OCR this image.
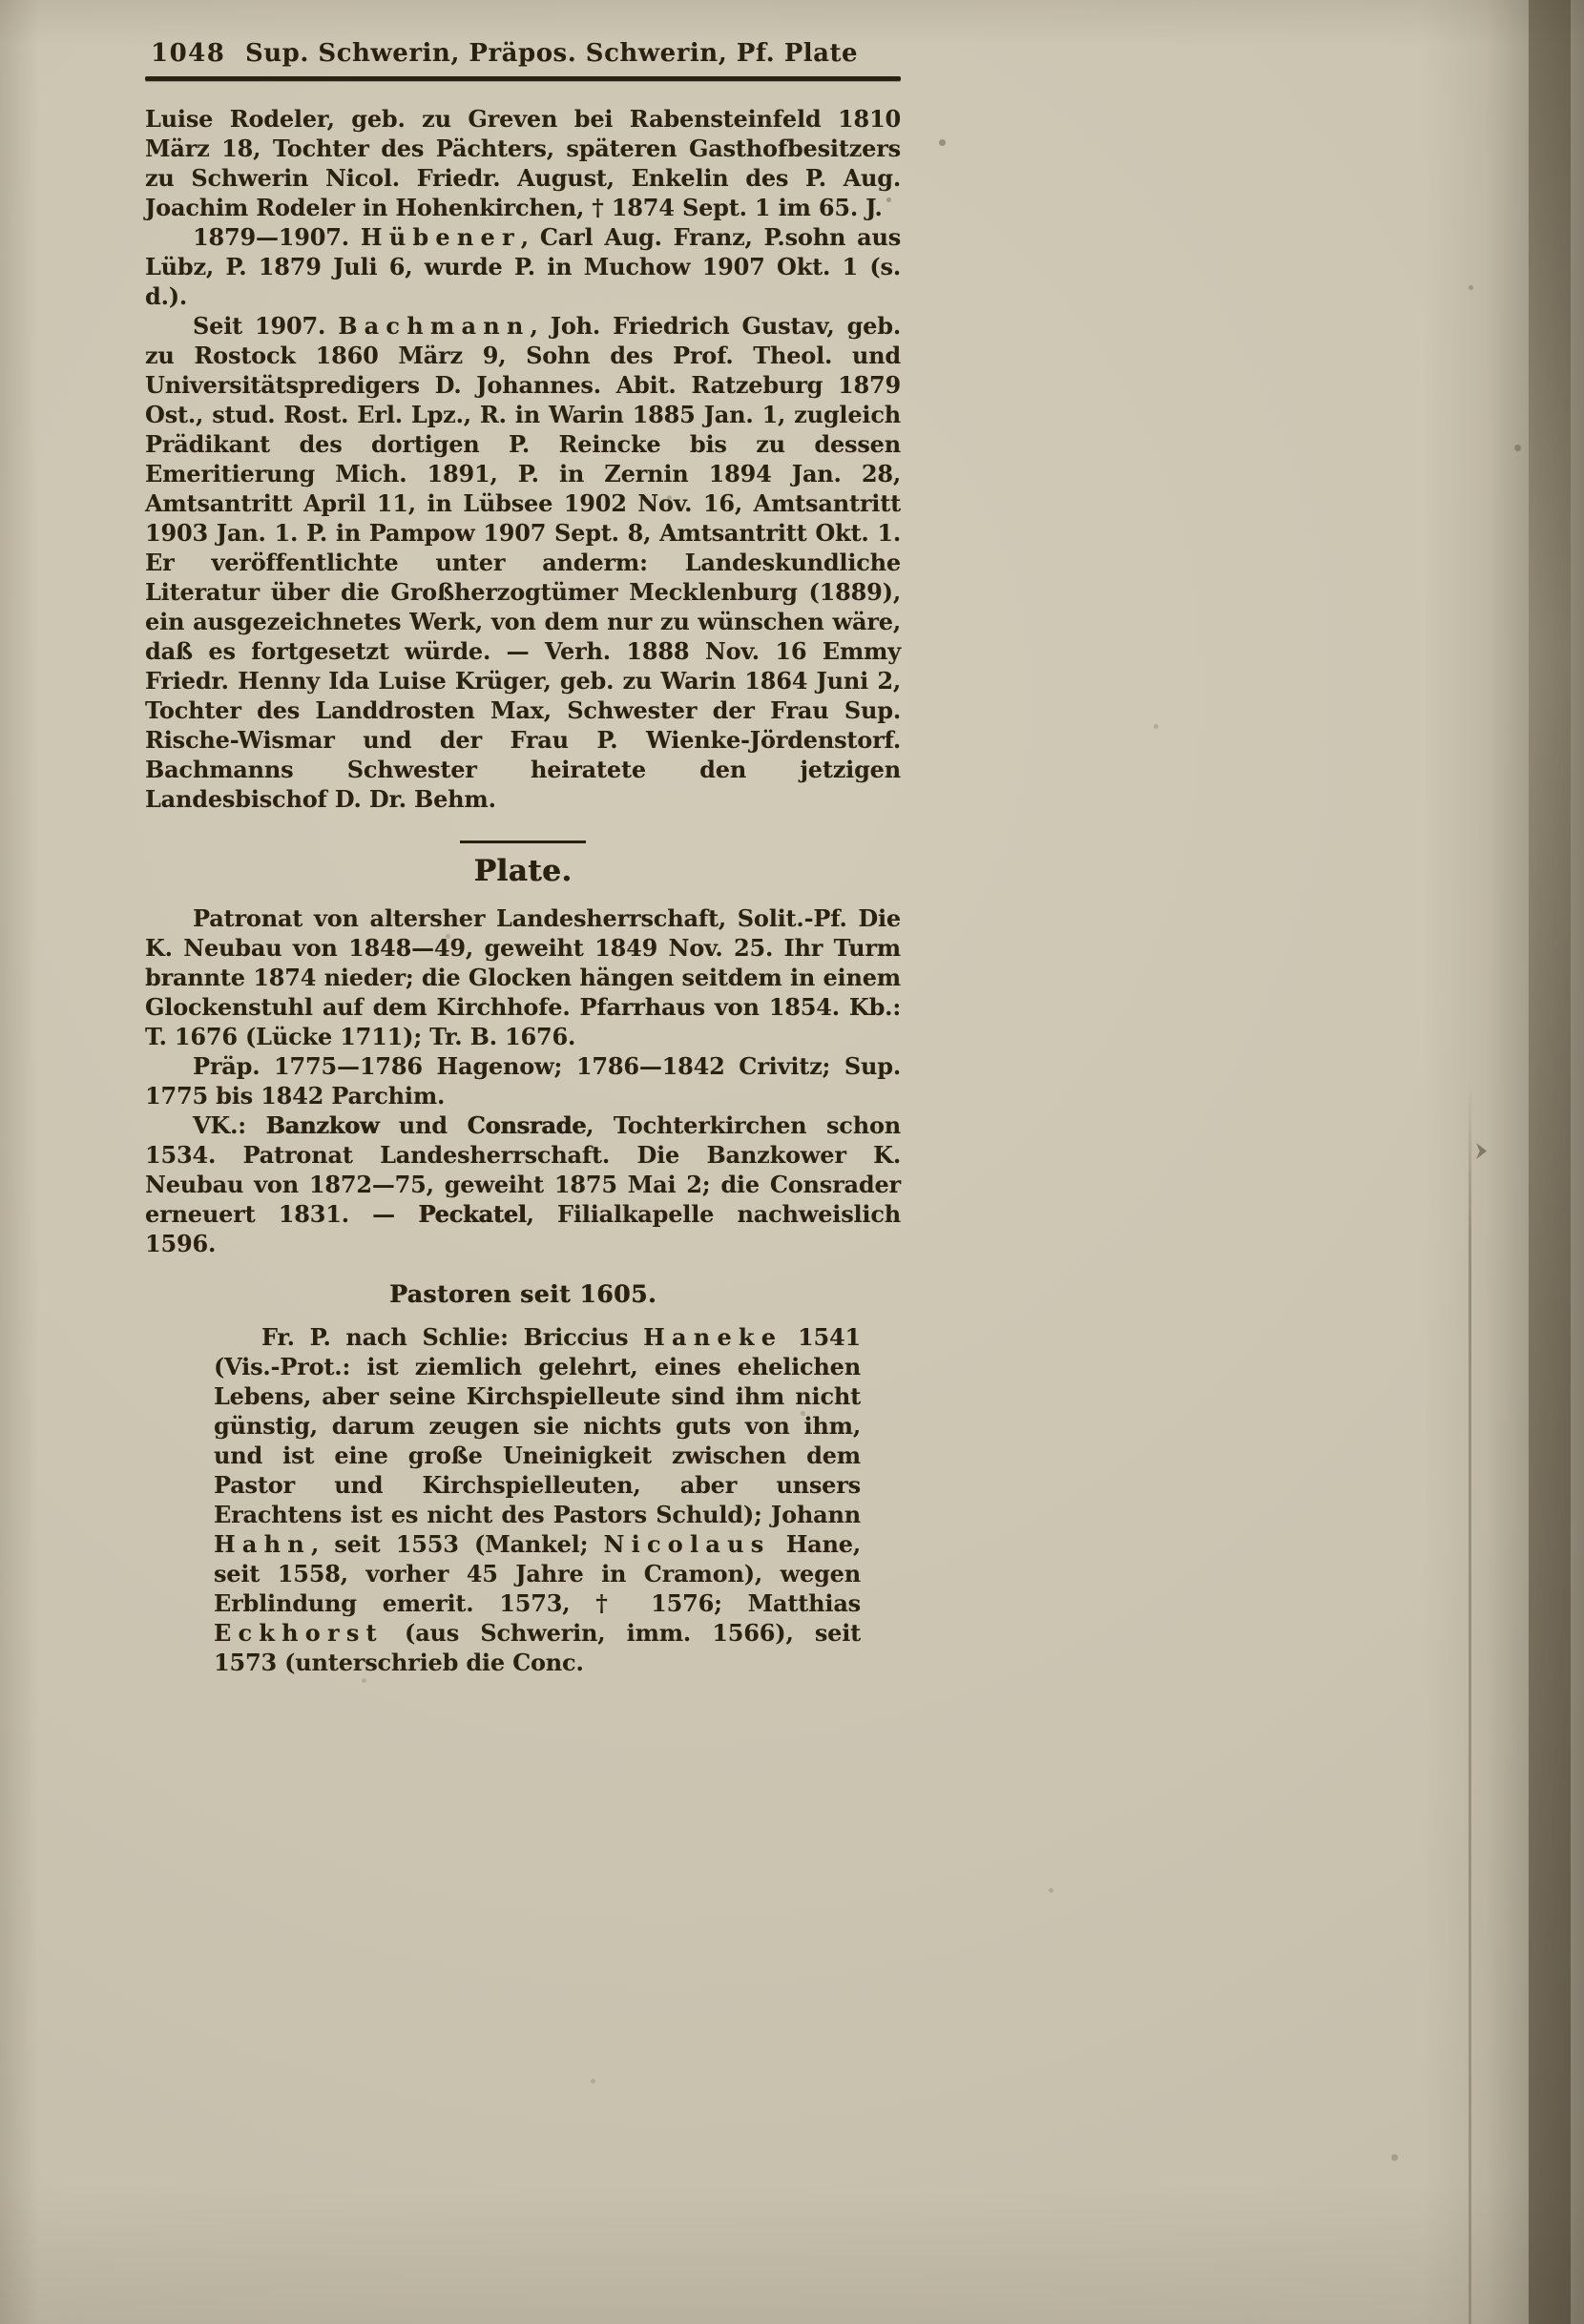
1048 Sup. Schwerin, Präpos. Schwerin, Pf. Plate

Luise Rodeler, geb. zu Greven bei Rabensteinfeld 1810 März 18, Tochter des Pächters, späteren Gasthofbesitzers zu Schwerin Nicol. Friedr. August, Enkelin des P. Aug. Joachim Rodeler in Hohenkirchen, † 1874 Sept. 1 im 65. J.

1879—1907. Hübener, Carl Aug. Franz, P.sohn aus Lübz, P. 1879 Juli 6, wurde P. in Muchow 1907 Okt. 1 (s. d.).

Seit 1907. Bachmann, Joh. Friedrich Gustav, geb. zu Rostock 1860 März 9, Sohn des Prof. Theol. und Universitätspredigers D. Johannes. Abit. Ratzeburg 1879 Ost., stud. Rost. Erl. Lpz., R. in Warin 1885 Jan. 1, zugleich Prädikant des dortigen P. Reincke bis zu dessen Emeritierung Mich. 1891, P. in Zernin 1894 Jan. 28, Amtsantritt April 11, in Lübsee 1902 Nov. 16, Amtsantritt 1903 Jan. 1. P. in Pampow 1907 Sept. 8, Amtsantritt Okt. 1. Er veröffentlichte unter anderm: Landeskundliche Literatur über die Großherzogtümer Mecklenburg (1889), ein ausgezeichnetes Werk, von dem nur zu wünschen wäre, daß es fortgesetzt würde. — Verh. 1888 Nov. 16 Emmy Friedr. Henny Ida Luise Krüger, geb. zu Warin 1864 Juni 2, Tochter des Landdrosten Max, Schwester der Frau Sup. Rische-Wismar und der Frau P. Wienke-Jördenstorf. Bachmanns Schwester heiratete den jetzigen Landesbischof D. Dr. Behm.

Plate.

Patronat von altersher Landesherrschaft, Solit.-Pf. Die K. Neubau von 1848—49, geweiht 1849 Nov. 25. Ihr Turm brannte 1874 nieder; die Glocken hängen seitdem in einem Glockenstuhl auf dem Kirchhofe. Pfarrhaus von 1854. Kb.: T. 1676 (Lücke 1711); Tr. B. 1676.

Präp. 1775—1786 Hagenow; 1786—1842 Crivitz; Sup. 1775 bis 1842 Parchim.

VK.: Banzkow und Consrade, Tochterkirchen schon 1534. Patronat Landesherrschaft. Die Banzkower K. Neubau von 1872—75, geweiht 1875 Mai 2; die Consrader erneuert 1831. — Peckatel, Filialkapelle nachweislich 1596.

Pastoren seit 1605.

Fr. P. nach Schlie: Briccius Haneke 1541 (Vis.-Prot.: ist ziemlich gelehrt, eines ehelichen Lebens, aber seine Kirchspielleute sind ihm nicht günstig, darum zeugen sie nichts guts von ihm, und ist eine große Uneinigkeit zwischen dem Pastor und Kirchspielleuten, aber unsers Erachtens ist es nicht des Pastors Schuld); Johann Hahn, seit 1553 (Mankel; Nicolaus Hane, seit 1558, vorher 45 Jahre in Cramon), wegen Erblindung emerit. 1573, † 1576; Matthias Eckhorst (aus Schwerin, imm. 1566), seit 1573 (unterschrieb die Conc.
